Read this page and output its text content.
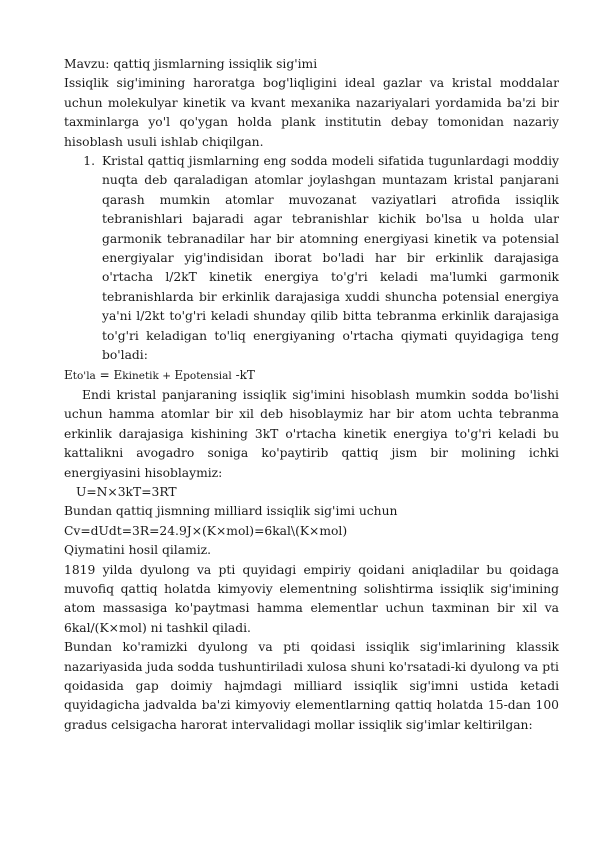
Mavzu: qattiq jismlarning issiqlik sig'imi
Issiqlik sig'imining haroratga bog'liqligini ideal gazlar va kristal moddalar uchun molekulyar kinetik va kvant mexanika nazariyalari yordamida ba'zi bir taxminlarga yo'l qo'ygan holda plank institutin debay tomonidan nazariy hisoblash usuli ishlab chiqilgan.
1. Kristal qattiq jismlarning eng sodda modeli sifatida tugunlardagi moddiy nuqta deb qaraladigan atomlar joylashgan muntazam kristal panjarani qarash mumkin atomlar muvozanat vaziyatlari atrofida issiqlik tebranishlari bajaradi agar tebranishlar kichik bo'lsa u holda ular garmonik tebranadilar har bir atomning energiyasi kinetik va potensial energiyalar yig'indisidan iborat bo'ladi har bir erkinlik darajasiga o'rtacha l/2kT kinetik energiya to'g'ri keladi ma'lumki garmonik tebranishlarda bir erkinlik darajasiga xuddi shuncha potensial energiya ya'ni l/2kt to'g'ri keladi shunday qilib bitta tebranma erkinlik darajasiga to'g'ri keladigan to'liq energiyaning o'rtacha qiymati quyidagiga teng bo'ladi:
Eto'la = Ekinetik + Epotensial -kT
Endi kristal panjaraning issiqlik sig'imini hisoblash mumkin sodda bo'lishi uchun hamma atomlar bir xil deb hisoblaymiz har bir atom uchta tebranma erkinlik darajasiga kishining 3kT o'rtacha kinetik energiya to'g'ri keladi bu kattalikni avogadro soniga ko'paytirib qattiq jism bir molining ichki energiyasini hisoblaymiz:
U=N×3kT=3RT
Bundan qattiq jismning milliard issiqlik sig'imi uchun
Cv=dUdt=3R=24.9J×(K×mol)=6kal\(K×mol)
Qiymatini hosil qilamiz.
1819 yilda dyulong va pti quyidagi empiriy qoidani aniqladilar bu qoidaga muvofiq qattiq holatda kimyoviy elementning solishtirma issiqlik sig'imining atom massasiga ko'paytmasi hamma elementlar uchun taxminan bir xil va 6kal/(K×mol) ni tashkil qiladi.
Bundan ko'ramizki dyulong va pti qoidasi issiqlik sig'imlarining klassik nazariyasida juda sodda tushuntiriladi xulosa shuni ko'rsatadi-ki dyulong va pti qoidasida gap doimiy hajmdagi milliard issiqlik sig'imni ustida ketadi quyidagicha jadvalda ba'zi kimyoviy elementlarning qattiq holatda 15-dan 100 gradus celsigacha harorat intervalidagi mollar issiqlik sig'imlar keltirilgan:
